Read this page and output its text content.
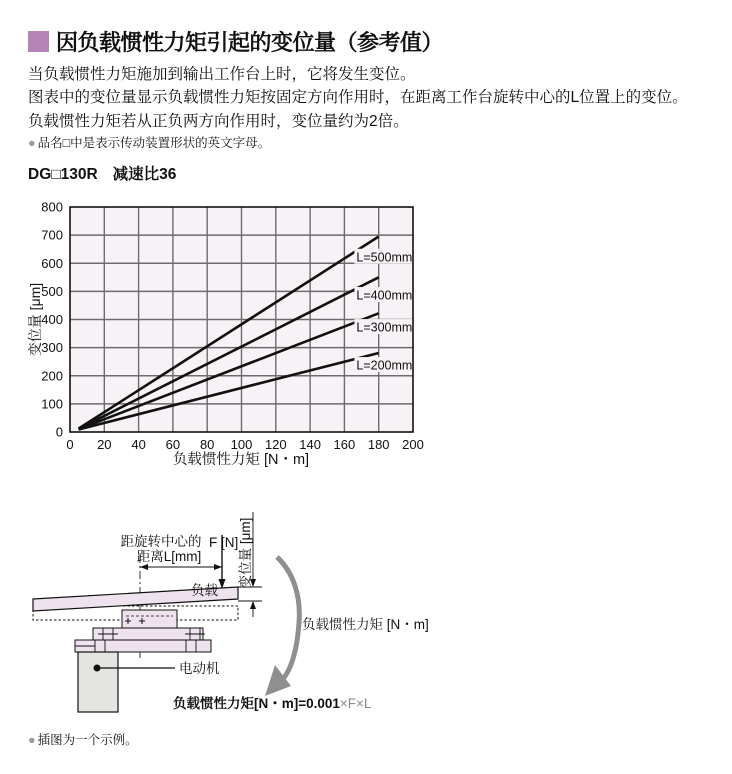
因负载惯性力矩引起的变位量（参考值）
当负载惯性力矩施加到输出工作台上时，它将发生变位。
图表中的变位量显示负载惯性力矩按固定方向作用时，在距离工作台旋转中心的L位置上的变位。
负载惯性力矩若从正负两方向作用时，变位量约为2倍。
● 品名□中是表示传动装置形状的英文字母。
DG□130R 减速比36
L=500mm
L=400mm
L=300mm
L=200mm
0 20 40 60 80 100 120 140 160 180 200
0
100
200
300
400
500
600
700
800
变位量 [μm]
负载惯性力矩 [N・m]
距旋转中心的
距离L[mm]
F [N]
负载
变位量 [μm]
负载惯性力矩 [N・m]
电动机
负载惯性力矩[N・m]=0.001×F×L
● 插图为一个示例。
